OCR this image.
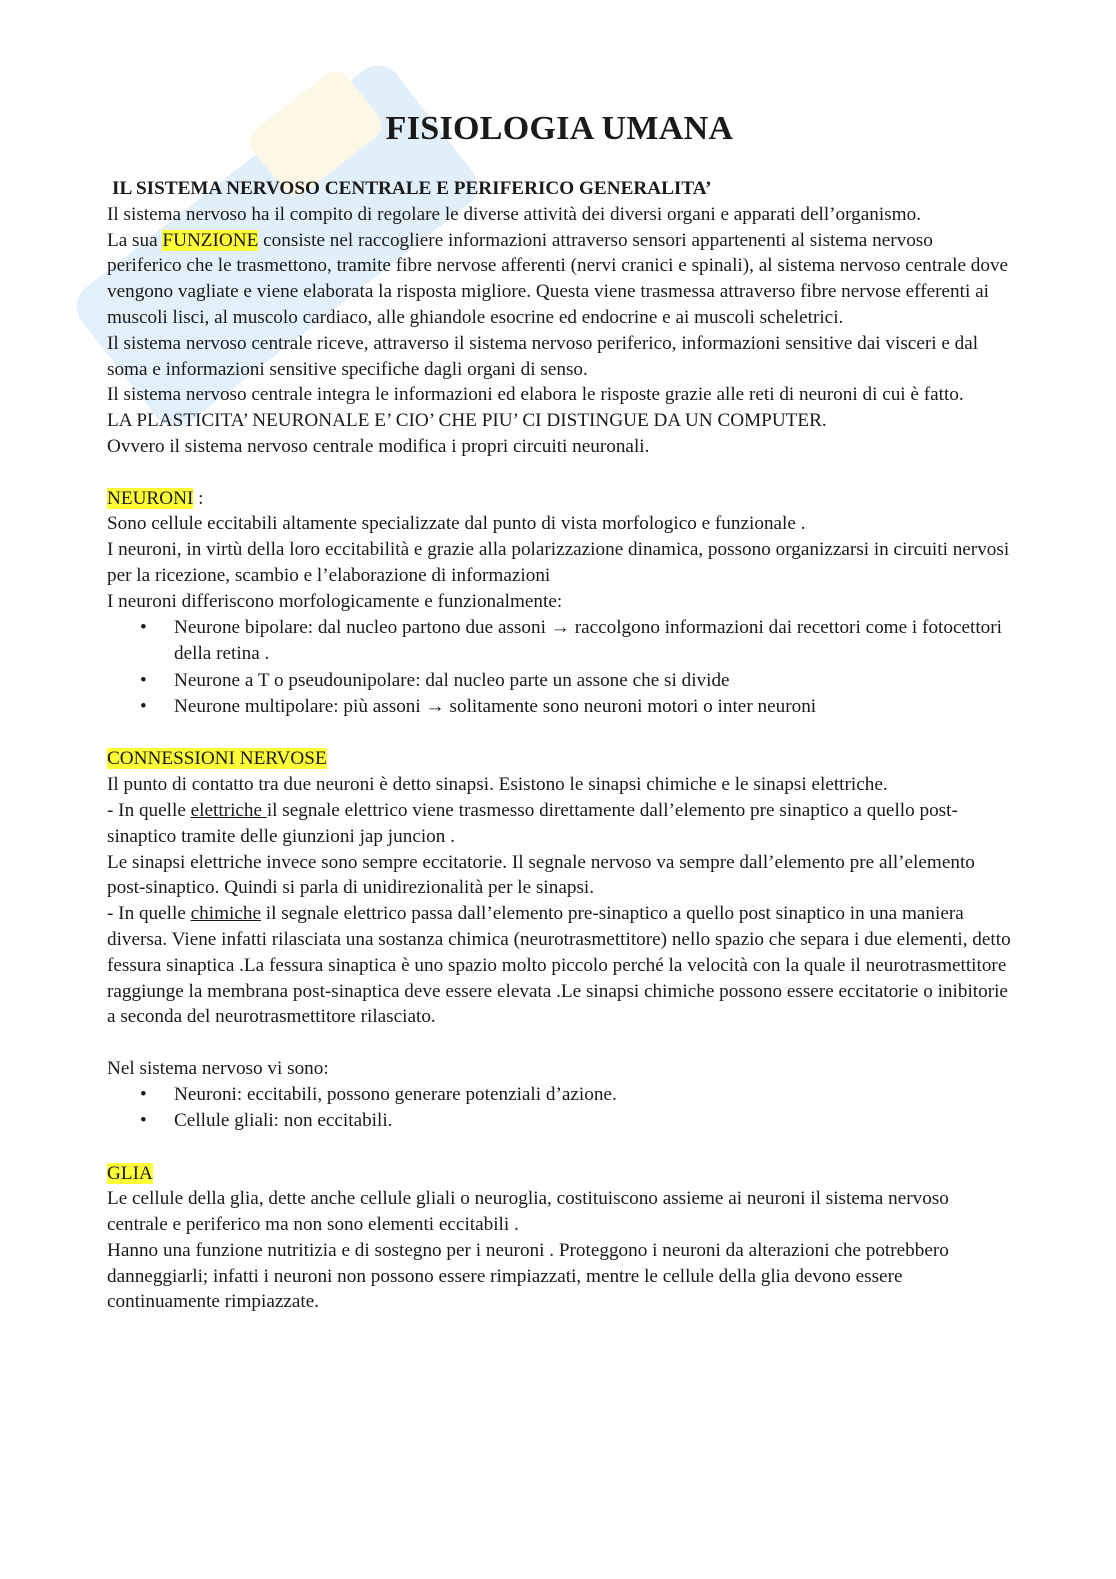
FISIOLOGIA UMANA

IL SISTEMA NERVOSO CENTRALE E PERIFERICO GENERALITA’

Il sistema nervoso ha il compito di regolare le diverse attività dei diversi organi e apparati dell’organismo.

La sua FUNZIONE consiste nel raccogliere informazioni attraverso sensori appartenenti al sistema nervoso periferico che le trasmettono, tramite fibre nervose afferenti (nervi cranici e spinali), al sistema nervoso centrale dove vengono vagliate e viene elaborata la risposta migliore. Questa viene trasmessa attraverso fibre nervose efferenti ai muscoli lisci, al muscolo cardiaco, alle ghiandole esocrine ed endocrine e ai muscoli scheletrici.

Il sistema nervoso centrale riceve, attraverso il sistema nervoso periferico, informazioni sensitive dai visceri e dal soma e informazioni sensitive specifiche dagli organi di senso.

Il sistema nervoso centrale integra le informazioni ed elabora le risposte grazie alle reti di neuroni di cui è fatto.

LA PLASTICITA’ NEURONALE E’ CIO’ CHE PIU’ CI DISTINGUE DA UN COMPUTER.

Ovvero il sistema nervoso centrale modifica i propri circuiti neuronali.

NEURONI :

Sono cellule eccitabili altamente specializzate dal punto di vista morfologico e funzionale .

I neuroni, in virtù della loro eccitabilità e grazie alla polarizzazione dinamica, possono organizzarsi in circuiti nervosi per la ricezione, scambio e l’elaborazione di informazioni

I neuroni differiscono morfologicamente e funzionalmente:

• Neurone bipolare: dal nucleo partono due assoni → raccolgono informazioni dai recettori come i fotocettori della retina .
• Neurone a T o pseudounipolare: dal nucleo parte un assone che si divide
• Neurone multipolare: più assoni → solitamente sono neuroni motori o inter neuroni

CONNESSIONI NERVOSE

Il punto di contatto tra due neuroni è detto sinapsi. Esistono le sinapsi chimiche e le sinapsi elettriche.

- In quelle elettriche il segnale elettrico viene trasmesso direttamente dall’elemento pre sinaptico a quello post-sinaptico tramite delle giunzioni jap juncion .

Le sinapsi elettriche invece sono sempre eccitatorie. Il segnale nervoso va sempre dall’elemento pre all’elemento post-sinaptico. Quindi si parla di unidirezionalità per le sinapsi.

- In quelle chimiche il segnale elettrico passa dall’elemento pre-sinaptico a quello post sinaptico in una maniera diversa. Viene infatti rilasciata una sostanza chimica (neurotrasmettitore) nello spazio che separa i due elementi, detto fessura sinaptica .La fessura sinaptica è uno spazio molto piccolo perché la velocità con la quale il neurotrasmettitore raggiunge la membrana post-sinaptica deve essere elevata .Le sinapsi chimiche possono essere eccitatorie o inibitorie a seconda del neurotrasmettitore rilasciato.

Nel sistema nervoso vi sono:

• Neuroni: eccitabili, possono generare potenziali d’azione.
• Cellule gliali: non eccitabili.

GLIA

Le cellule della glia, dette anche cellule gliali o neuroglia, costituiscono assieme ai neuroni il sistema nervoso centrale e periferico ma non sono elementi eccitabili .

Hanno una funzione nutritizia e di sostegno per i neuroni . Proteggono i neuroni da alterazioni che potrebbero danneggiarli; infatti i neuroni non possono essere rimpiazzati, mentre le cellule della glia devono essere continuamente rimpiazzate.
